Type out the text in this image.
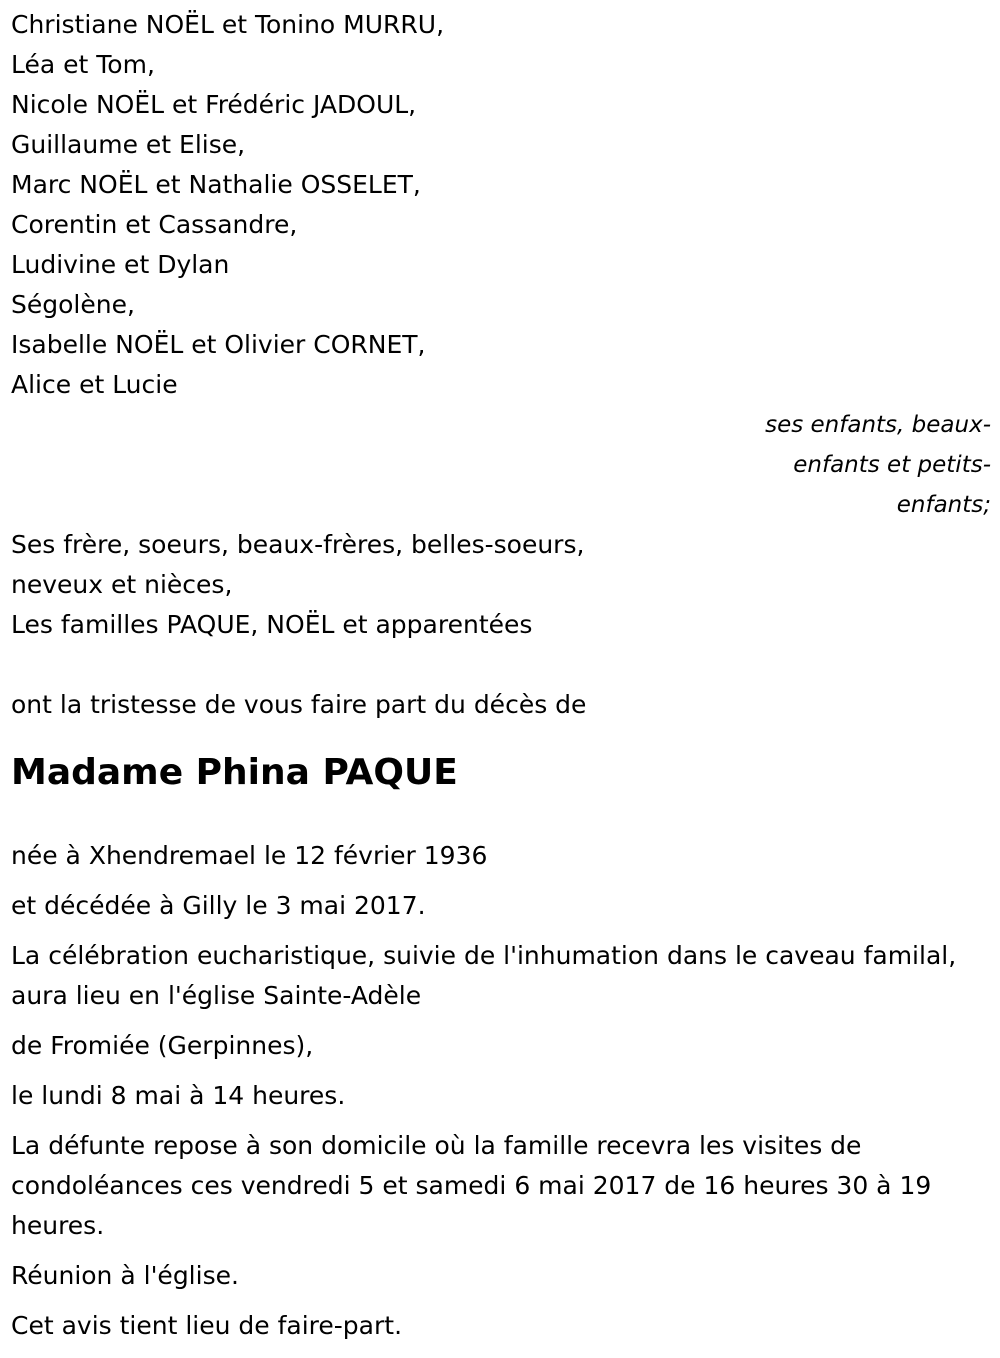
Christiane NOËL et Tonino MURRU,

Léa et Tom,

Nicole NOËL et Frédéric JADOUL,

Guillaume et Elise,

Marc NOËL et Nathalie OSSELET,

Corentin et Cassandre,

Ludivine et Dylan

Ségolène,

Isabelle NOËL et Olivier CORNET,

Alice et Lucie

ses enfants, beaux-

enfants et petits-

enfants;

Ses frère, soeurs, beaux-frères, belles-soeurs,

neveux et nièces,

Les familles PAQUE, NOËL et apparentées

ont la tristesse de vous faire part du décès de

Madame Phina PAQUE

née à Xhendremael le 12 février 1936

et décédée à Gilly le 3 mai 2017.

La célébration eucharistique, suivie de l'inhumation dans le caveau familal, aura lieu en l'église Sainte-Adèle

de Fromiée (Gerpinnes),

le lundi 8 mai à 14 heures.

La défunte repose à son domicile où la famille recevra les visites de condoléances ces vendredi 5 et samedi 6 mai 2017 de 16 heures 30 à 19 heures.

Réunion à l'église.

Cet avis tient lieu de faire-part.
